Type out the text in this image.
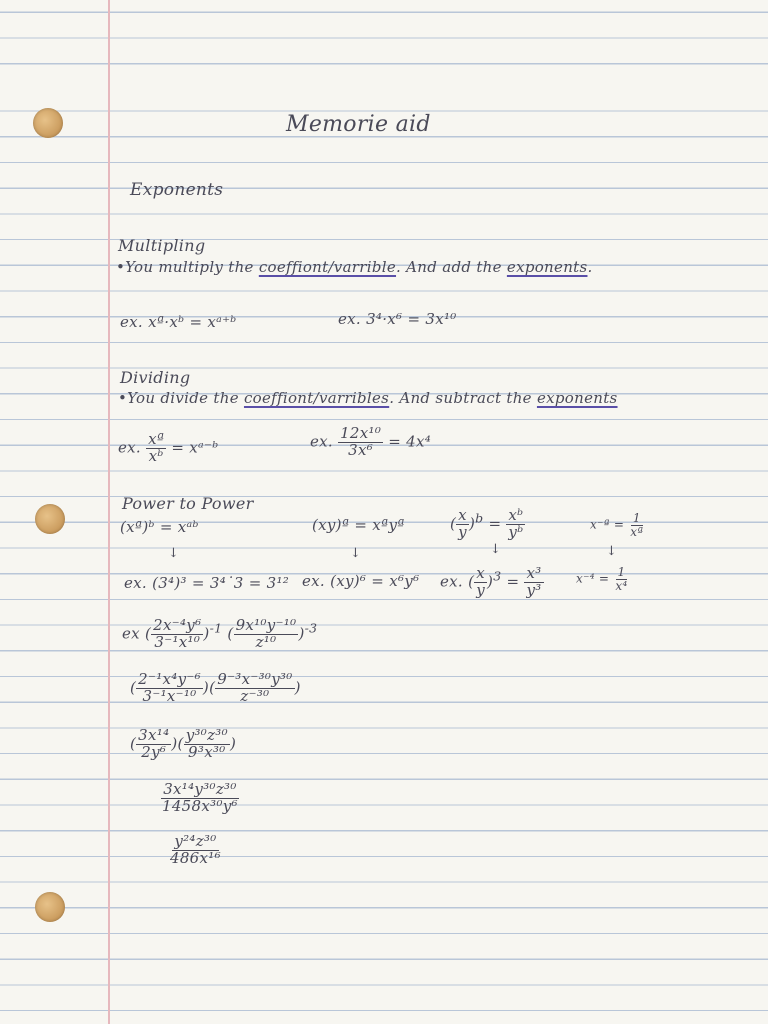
Memorie aid
Exponents
Multipling
•You multiply the coeffiont/varrible. And add the exponents.
ex. xª·xᵇ = xᵃ⁺ᵇ	ex. 3⁴·x⁶ = 3x¹⁰
Dividing
•You divide the coeffiont/varribles. And subtract the exponents
ex. $\frac{\text{xª}}{\text{xᵇ}}$ = xᵃ⁻ᵇ	ex. $\frac{\text{12x¹⁰}}{\text{3x⁶}} = 4x^4$
Power to Power
(xª)ᵇ = xᵃᵇ	(xy)ª = xªyª	( $\frac{x}{y} )^b = \frac{\text{xᵇ}}{\text{yᵇ}}$	x⁻ª = $\frac{1}{\text{xª}}$
↓	↓	↓	↓
ex. (3⁴)³ = 3⁴˙3 = 3¹² ex. (xy)⁶ = x⁶y⁶ ex. ( $\frac{x}{y} )^3 = \frac{\text{x³}}{\text{y³}}$	$x^{-4} = \frac{1}{\text{x⁴}}$
ex ( $\frac{\text{2x⁻⁴y⁶}}{\text{3⁻¹x¹⁰}} )^{-1}$ ( $\frac{\text{9x¹⁰y⁻¹⁰}}{\text{z¹⁰}} )^{-3}$
( $\frac{\text{2⁻¹x⁴y⁻⁶}}{\text{3⁻¹x⁻¹⁰}}$ )( $\frac{\text{9⁻³x⁻³⁰y³⁰}}{\text{z⁻³⁰}}$ )
( $\frac{\text{3x¹⁴}}{\text{2y⁶}}$ )( $\frac{\text{y³⁰z³⁰}}{\text{9³x³⁰}}$ )
$\frac{\text{3x¹⁴y³⁰z³⁰}}{\text{1458x³⁰y⁶}}$
$\frac{\text{y²⁴z³⁰}}{\text{486x¹⁶}}$
